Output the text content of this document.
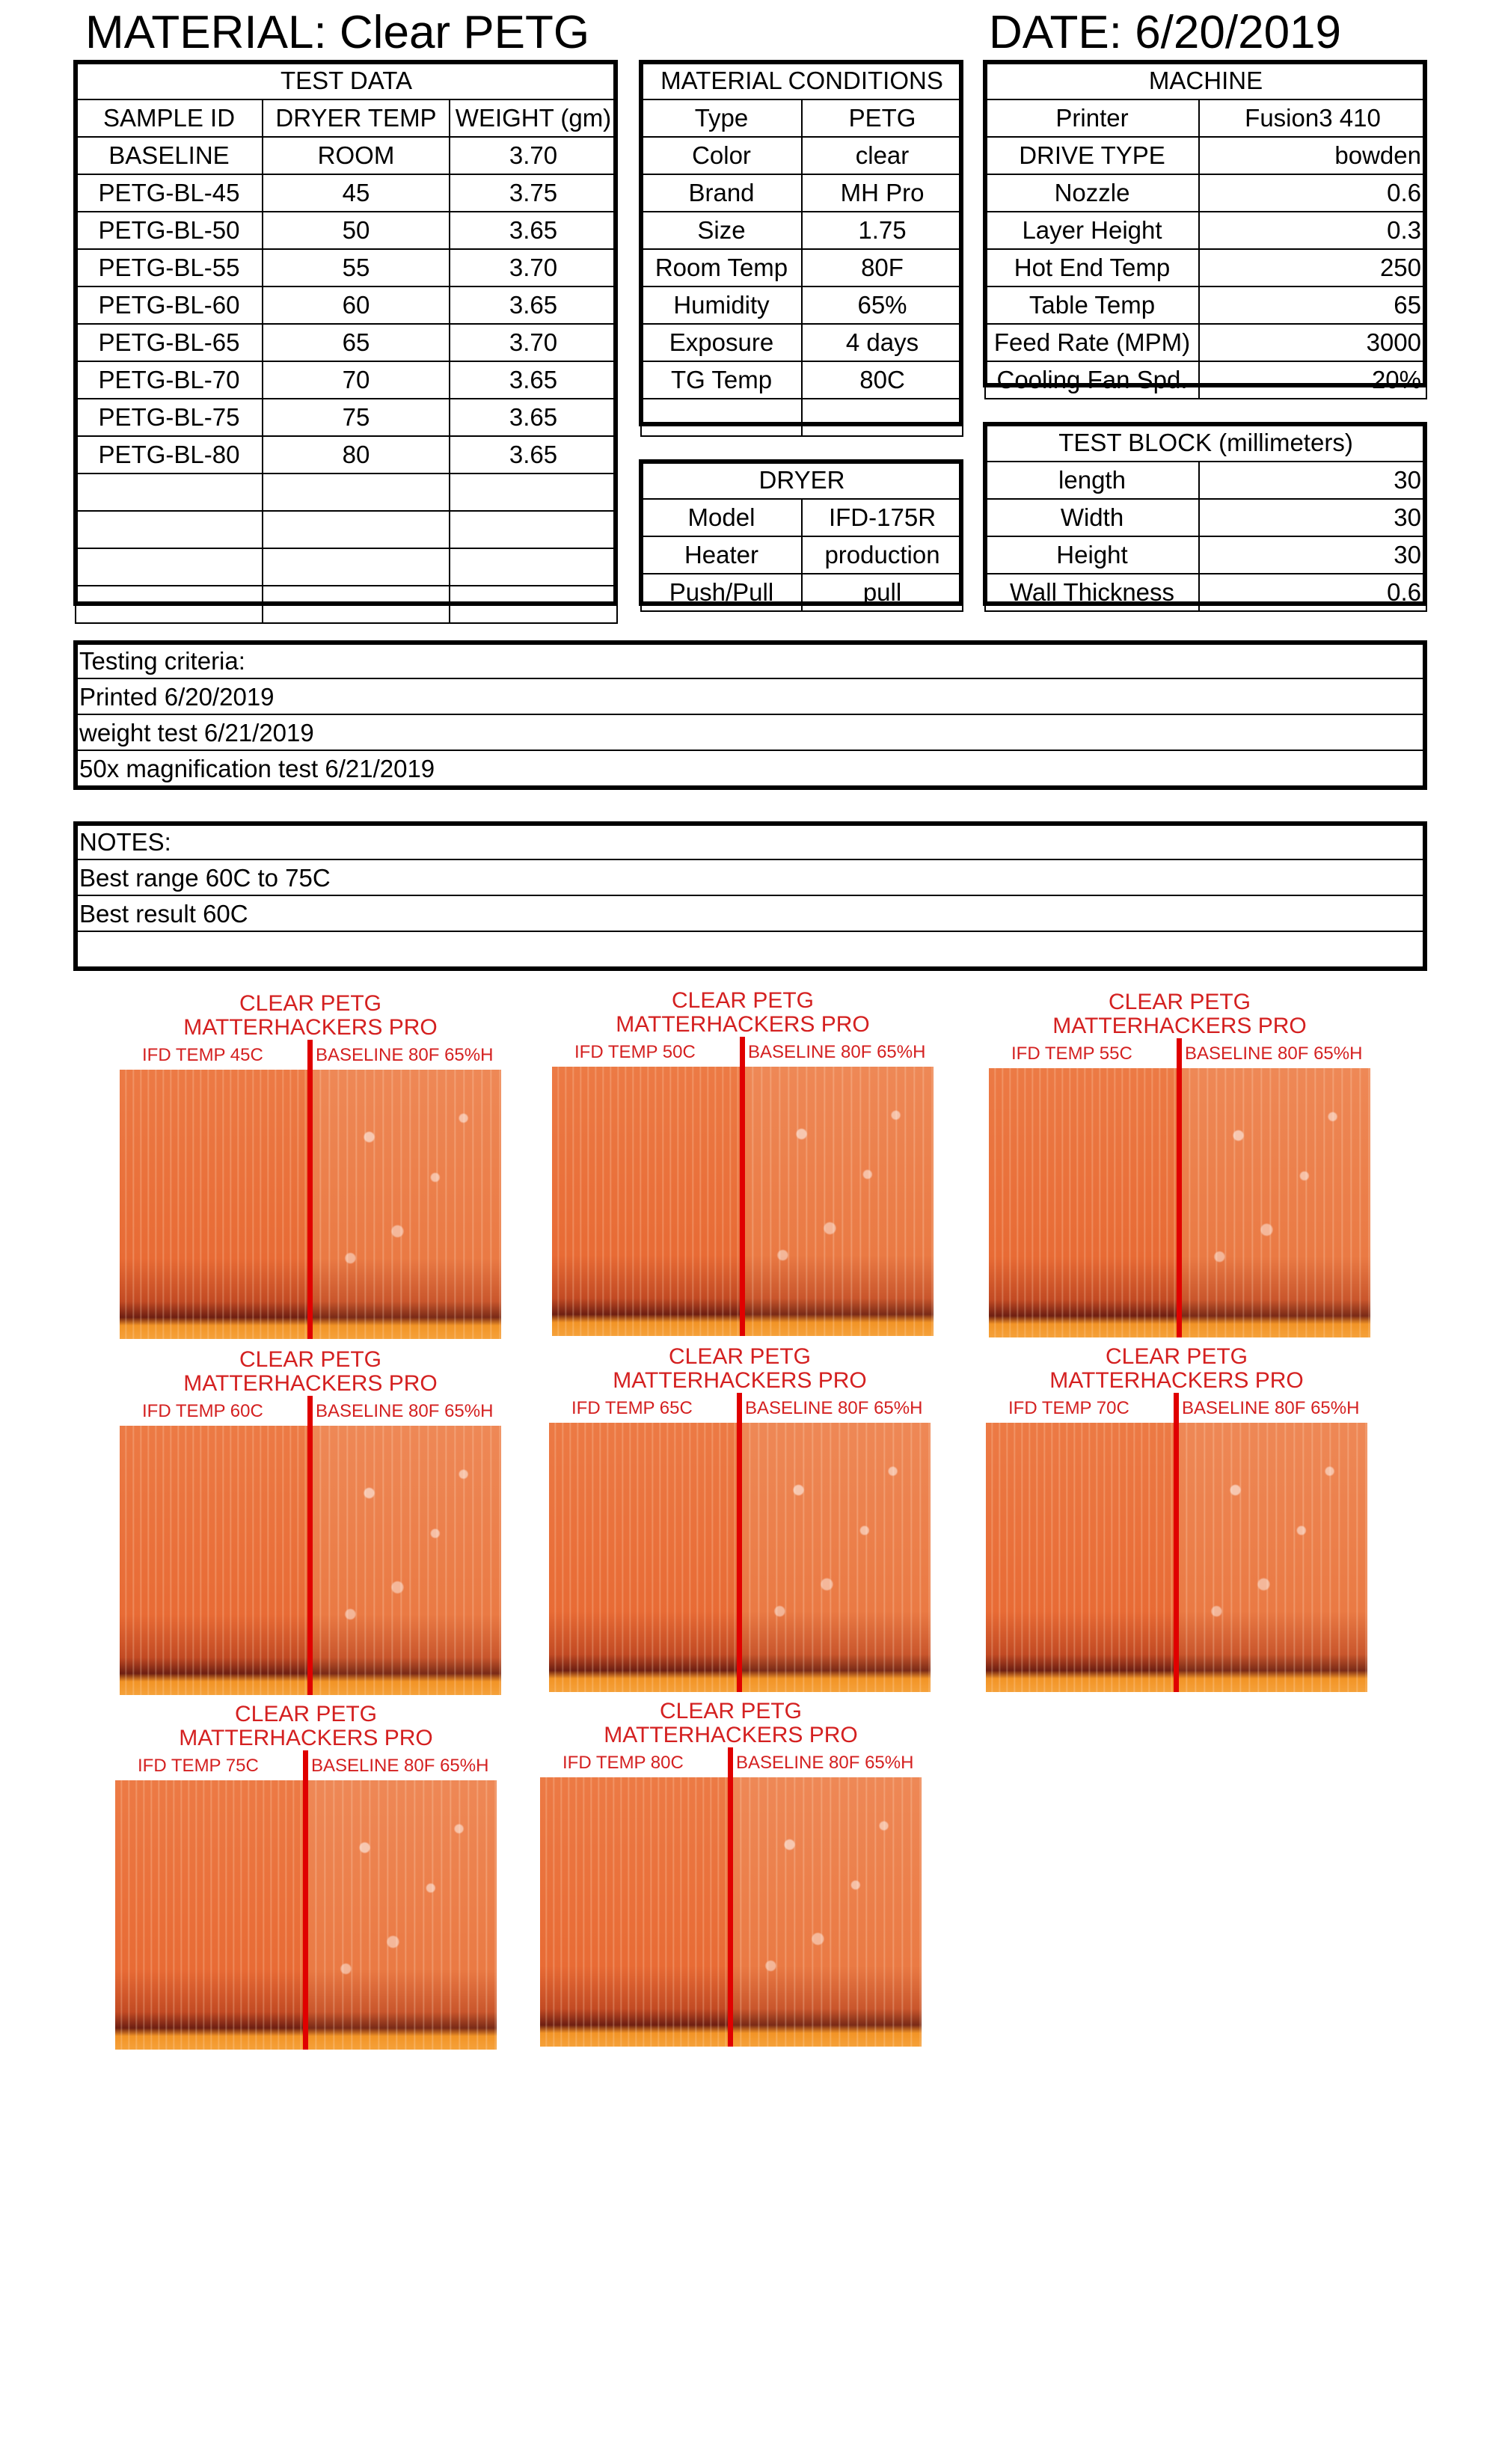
MATERIAL: Clear PETG	DATE: 6/20/2019
TEST DATA		
SAMPLE ID	DRYER TEMP	WEIGHT (gm)
BASELINE	ROOM	3.70
PETG-BL-45	45	3.75
PETG-BL-50	50	3.65
PETG-BL-55	55	3.70
PETG-BL-60	60	3.65
PETG-BL-65	65	3.70
PETG-BL-70	70	3.65
PETG-BL-75	75	3.65
PETG-BL-80	80	3.65

MATERIAL CONDITIONS	
Type	PETG
Color	clear
Brand	MH Pro
Size	1.75
Room Temp	80F
Humidity	65%
Exposure	4 days
TG Temp	80C

DRYER	
Model	IFD-175R
Heater	production
Push/Pull	pull
MACHINE	
Printer	Fusion3 410
DRIVE TYPE	bowden
Nozzle	0.6
Layer Height	0.3
Hot End Temp	250
Table Temp	65
Feed Rate (MPM)	3000
Cooling Fan Spd.	20%
TEST BLOCK (millimeters)	
length	30
Width	30
Height	30
Wall Thickness	0.6
Testing criteria:
Printed 6/20/2019
weight test 6/21/2019
50x magnification test 6/21/2019
NOTES:
Best range 60C to 75C
Best result 60C
CLEAR PETG
MATTERHACKERS PRO
IFD TEMP 45C	BASELINE 80F 65%H
CLEAR PETG
MATTERHACKERS PRO
IFD TEMP 50C	BASELINE 80F 65%H
CLEAR PETG
MATTERHACKERS PRO
IFD TEMP 55C	BASELINE 80F 65%H
CLEAR PETG
MATTERHACKERS PRO
IFD TEMP 60C	BASELINE 80F 65%H
CLEAR PETG
MATTERHACKERS PRO
IFD TEMP 65C	BASELINE 80F 65%H
CLEAR PETG
MATTERHACKERS PRO
IFD TEMP 70C	BASELINE 80F 65%H
CLEAR PETG
MATTERHACKERS PRO
IFD TEMP 75C	BASELINE 80F 65%H
CLEAR PETG
MATTERHACKERS PRO
IFD TEMP 80C	BASELINE 80F 65%H
